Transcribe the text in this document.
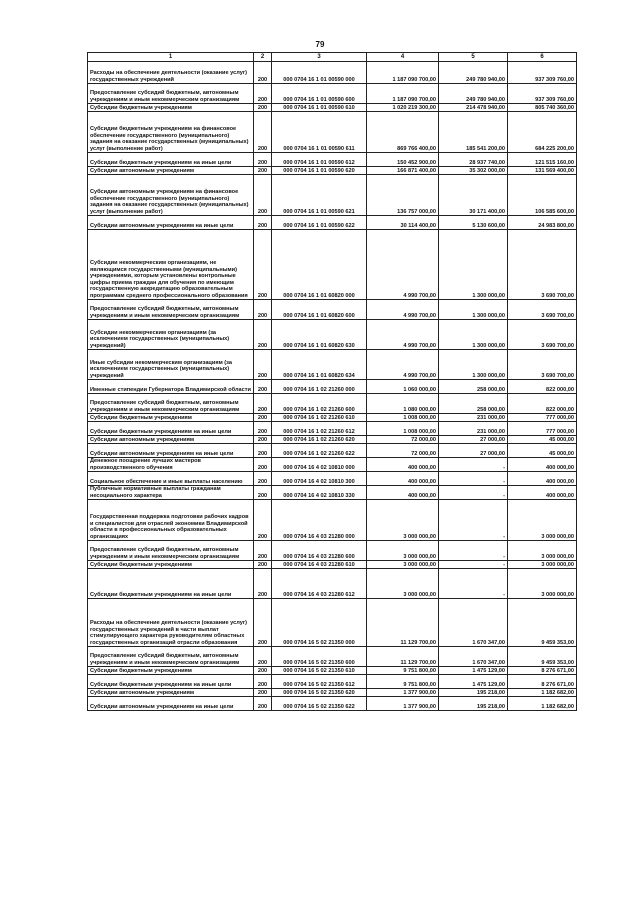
79
1	2	3	4	5	6
Расходы на обеспечение деятельности (оказание услуг) государственных учреждений	200	000 0704 16 1 01 00590 000	1 187 090 700,00	249 780 940,00	937 309 760,00
Предоставление субсидий бюджетным, автономным учреждениям и иным некоммерческим организациям	200	000 0704 16 1 01 00590 600	1 187 090 700,00	249 780 940,00	937 309 760,00
Субсидии бюджетным учреждениям	200	000 0704 16 1 01 00590 610	1 020 219 300,00	214 478 940,00	805 740 360,00
Субсидии бюджетным учреждениям на финансовое обеспечение государственного (муниципального) задания на оказание государственных (муниципальных) услуг (выполнение работ)	200	000 0704 16 1 01 00590 611	869 766 400,00	185 541 200,00	684 225 200,00
Субсидии бюджетным учреждениям на иные цели	200	000 0704 16 1 01 00590 612	150 452 900,00	28 937 740,00	121 515 160,00
Субсидии автономным учреждениям	200	000 0704 16 1 01 00590 620	166 871 400,00	35 302 000,00	131 569 400,00
Субсидии автономным учреждениям на финансовое обеспечение государственного (муниципального) задания на оказание государственных (муниципальных) услуг (выполнение работ)	200	000 0704 16 1 01 00590 621	136 757 000,00	30 171 400,00	106 585 600,00
Субсидии автономным учреждениям на иные цели	200	000 0704 16 1 01 00590 622	30 114 400,00	5 130 600,00	24 983 800,00
Субсидии некоммерческим организациям, не являющимся государственными (муниципальными) учреждениями, которым установлены контрольные цифры приема граждан для обучения по имеющим государственную аккредитацию образовательным программам среднего профессионального образования	200	000 0704 16 1 01 60820 000	4 990 700,00	1 300 000,00	3 690 700,00
Предоставление субсидий бюджетным, автономным учреждениям и иным некоммерческим организациям	200	000 0704 16 1 01 60820 600	4 990 700,00	1 300 000,00	3 690 700,00
Субсидии некоммерческим организациям (за исключением государственных (муниципальных) учреждений)	200	000 0704 16 1 01 60820 630	4 990 700,00	1 300 000,00	3 690 700,00
Иные субсидии некоммерческим организациям (за исключением государственных (муниципальных) учреждений	200	000 0704 16 1 01 60820 634	4 990 700,00	1 300 000,00	3 690 700,00
Именные стипендии Губернатора Владимирской области	200	000 0704 16 1 02 21260 000	1 060 000,00	258 000,00	822 000,00
Предоставление субсидий бюджетным, автономным учреждениям и иным некоммерческим организациям	200	000 0704 16 1 02 21260 600	1 080 000,00	258 000,00	822 000,00
Субсидии бюджетным учреждениям	200	000 0704 16 1 02 21260 610	1 008 000,00	231 000,00	777 000,00
Субсидии бюджетным учреждениям на иные цели	200	000 0704 16 1 02 21260 612	1 008 000,00	231 000,00	777 000,00
Субсидии автономным учреждениям	200	000 0704 16 1 02 21260 620	72 000,00	27 000,00	45 000,00
Субсидии автономным учреждениям на иные цели	200	000 0704 16 1 02 21260 622	72 000,00	27 000,00	45 000,00
Денежное поощрение лучших мастеров производственного обучения	200	000 0704 16 4 02 10810 000	400 000,00	-	400 000,00
Социальное обеспечение и иные выплаты населению	200	000 0704 16 4 02 10810 300	400 000,00	-	400 000,00
Публичные нормативные выплаты гражданам несоциального характера	200	000 0704 16 4 02 10810 330	400 000,00	-	400 000,00
Государственная поддержка подготовки рабочих кадров и специалистов для отраслей экономики Владимирской области в профессиональных образовательных организациях	200	000 0704 16 4 03 21280 000	3 000 000,00	-	3 000 000,00
Предоставление субсидий бюджетным, автономным учреждениям и иным некоммерческим организациям	200	000 0704 16 4 03 21280 600	3 000 000,00	-	3 000 000,00
Субсидии бюджетным учреждениям	200	000 0704 16 4 03 21280 610	3 000 000,00	-	3 000 000,00
Субсидии бюджетным учреждениям на иные цели	200	000 0704 16 4 03 21280 612	3 000 000,00	-	3 000 000,00
Расходы на обеспечение деятельности (оказание услуг) государственных учреждений в части выплат стимулирующего характера руководителям областных государственных организаций отрасли образования	200	000 0704 16 5 02 21350 000	11 129 700,00	1 670 347,00	9 459 353,00
Предоставление субсидий бюджетным, автономным учреждениям и иным некоммерческим организациям	200	000 0704 16 5 02 21350 600	11 129 700,00	1 670 347,00	9 459 353,00
Субсидии бюджетным учреждениям	200	000 0704 16 5 02 21350 610	9 751 800,00	1 475 129,00	8 276 671,00
Субсидии бюджетным учреждениям на иные цели	200	000 0704 16 5 02 21350 612	9 751 800,00	1 475 129,00	8 276 671,00
Субсидии автономным учреждениям	200	000 0704 16 5 02 21350 620	1 377 900,00	195 218,00	1 182 682,00
Субсидии автономным учреждениям на иные цели	200	000 0704 16 5 02 21350 622	1 377 900,00	195 218,00	1 182 682,00
